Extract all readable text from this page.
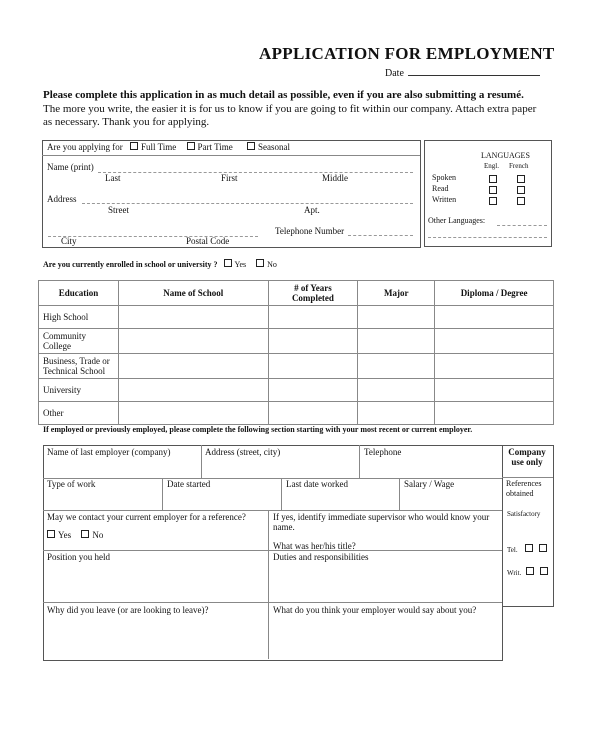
APPLICATION FOR EMPLOYMENT
Date
Please complete this application in as much detail as possible, even if you are also submitting a resumé.
The more you write, the easier it is for us to know if you are going to fit within our company. Attach extra paper
as necessary. Thank you for applying.
Are you applying for Full Time Part Time	Seasonal
Name (print)
Last	First	Middle
Address
Street	Apt.
Telephone Number
City	Postal Code
LANGUAGES
Engl. French
Spoken
Read
Written
Other Languages:
Are you currently enrolled in school or university ? Yes	No
Education	Name of School	# of Years Completed	Major	Diploma / Degree
High School				
Community College				
Business, Trade or Technical School				
University				
Other				
If employed or previously employed, please complete the following section starting with your most recent or current employer.
Name of last employer (company)	Address (street, city)	Telephone	Company use only
Type of work	Date started	Last date worked	Salary / Wage	References obtained
May we contact your current employer for a reference?
Yes No
If yes, identify immediate supervisor who would know your name.
What was her/his title?
Satisfactory
Tel.
Writ.
Position you held	Duties and responsibilities
Why did you leave (or are looking to leave)?	What do you think your employer would say about you?
